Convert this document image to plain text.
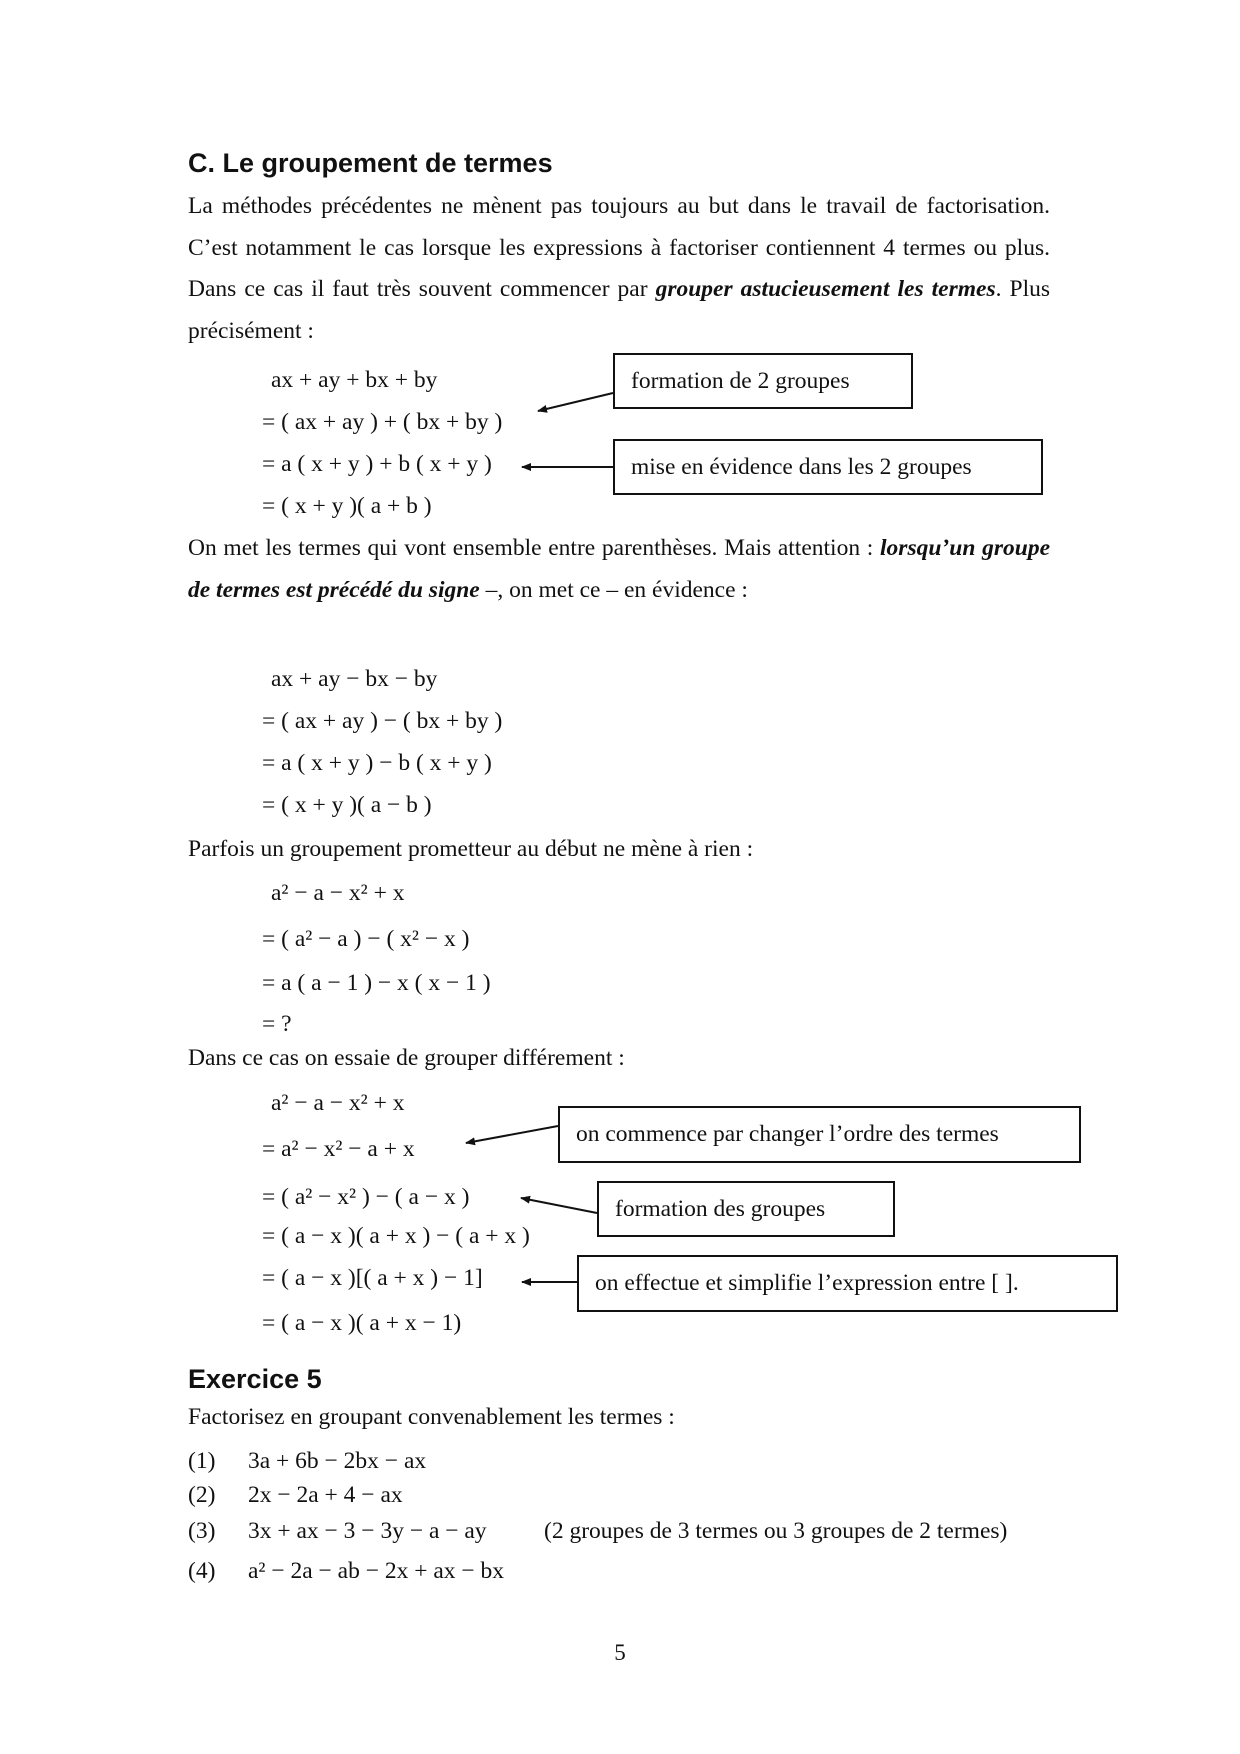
C. Le groupement de termes
La méthodes précédentes ne mènent pas toujours au but dans le travail de factorisation. C’est notamment le cas lorsque les expressions à factoriser contiennent 4 termes ou plus. Dans ce cas il faut très souvent commencer par grouper astucieusement les termes. Plus précisément :
ax + ay + bx + by
= ( ax + ay ) + ( bx + by )
= a ( x + y ) + b ( x + y )
= ( x + y )( a + b )
formation de 2 groupes
mise en évidence dans les 2 groupes
On met les termes qui vont ensemble entre parenthèses. Mais attention : lorsqu’un groupe de termes est précédé du signe –, on met ce – en évidence :
ax + ay − bx − by
= ( ax + ay ) − ( bx + by )
= a ( x + y ) − b ( x + y )
= ( x + y )( a − b )
Parfois un groupement prometteur au début ne mène à rien :
a² − a − x² + x
= ( a² − a ) − ( x² − x )
= a ( a − 1 ) − x ( x − 1 )
= ?
Dans ce cas on essaie de grouper différement :
a² − a − x² + x
= a² − x² − a + x
= ( a² − x² ) − ( a − x )
= ( a − x )( a + x ) − ( a + x )
= ( a − x )[( a + x ) − 1]
= ( a − x )( a + x − 1)
on commence par changer l’ordre des termes
formation des groupes
on effectue et simplifie l’expression entre [ ].
Exercice 5
Factorisez en groupant convenablement les termes :
(1) 3a + 6b − 2bx − ax
(2) 2x − 2a + 4 − ax
(3) 3x + ax − 3 − 3y − a − ay (2 groupes de 3 termes ou 3 groupes de 2 termes)
(4) a² − 2a − ab − 2x + ax − bx
5
